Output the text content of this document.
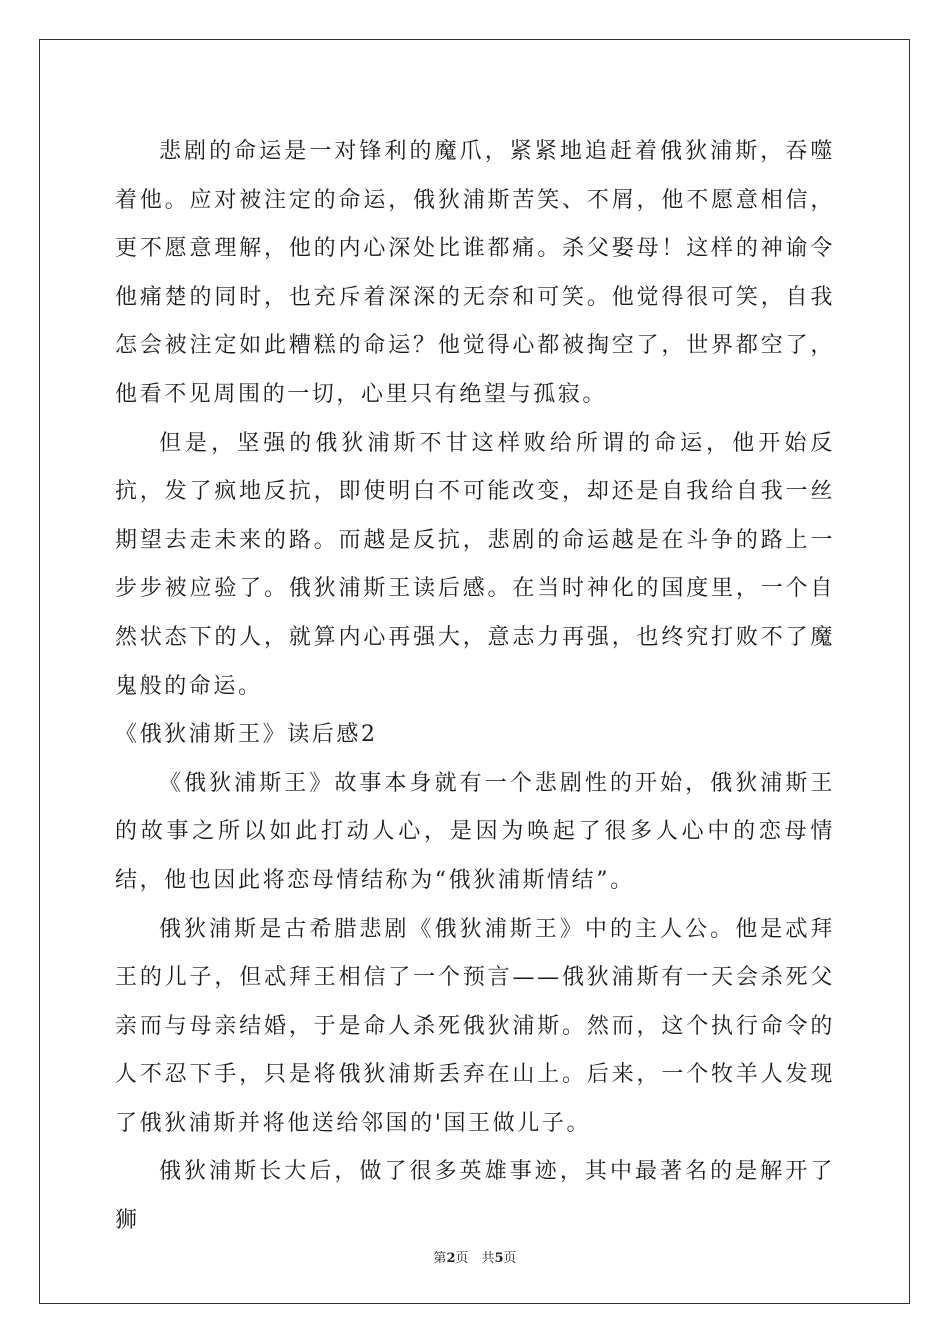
悲剧的命运是一对锋利的魔爪，紧紧地追赶着俄狄浦斯，吞噬着他。应对被注定的命运，俄狄浦斯苦笑、不屑，他不愿意相信，更不愿意理解，他的内心深处比谁都痛。杀父娶母！这样的神谕令他痛楚的同时，也充斥着深深的无奈和可笑。他觉得很可笑，自我怎会被注定如此糟糕的命运？他觉得心都被掏空了，世界都空了，他看不见周围的一切，心里只有绝望与孤寂。

但是，坚强的俄狄浦斯不甘这样败给所谓的命运，他开始反抗，发了疯地反抗，即使明白不可能改变，却还是自我给自我一丝期望去走未来的路。而越是反抗，悲剧的命运越是在斗争的路上一步步被应验了。俄狄浦斯王读后感。在当时神化的国度里，一个自然状态下的人，就算内心再强大，意志力再强，也终究打败不了魔鬼般的命运。

《俄狄浦斯王》读后感2

《俄狄浦斯王》故事本身就有一个悲剧性的开始，俄狄浦斯王的故事之所以如此打动人心，是因为唤起了很多人心中的恋母情结，他也因此将恋母情结称为“俄狄浦斯情结”。

俄狄浦斯是古希腊悲剧《俄狄浦斯王》中的主人公。他是忒拜王的儿子，但忒拜王相信了一个预言——俄狄浦斯有一天会杀死父亲而与母亲结婚，于是命人杀死俄狄浦斯。然而，这个执行命令的人不忍下手，只是将俄狄浦斯丢弃在山上。后来，一个牧羊人发现了俄狄浦斯并将他送给邻国的'国王做儿子。

俄狄浦斯长大后，做了很多英雄事迹，其中最著名的是解开了狮

第2页　共5页
